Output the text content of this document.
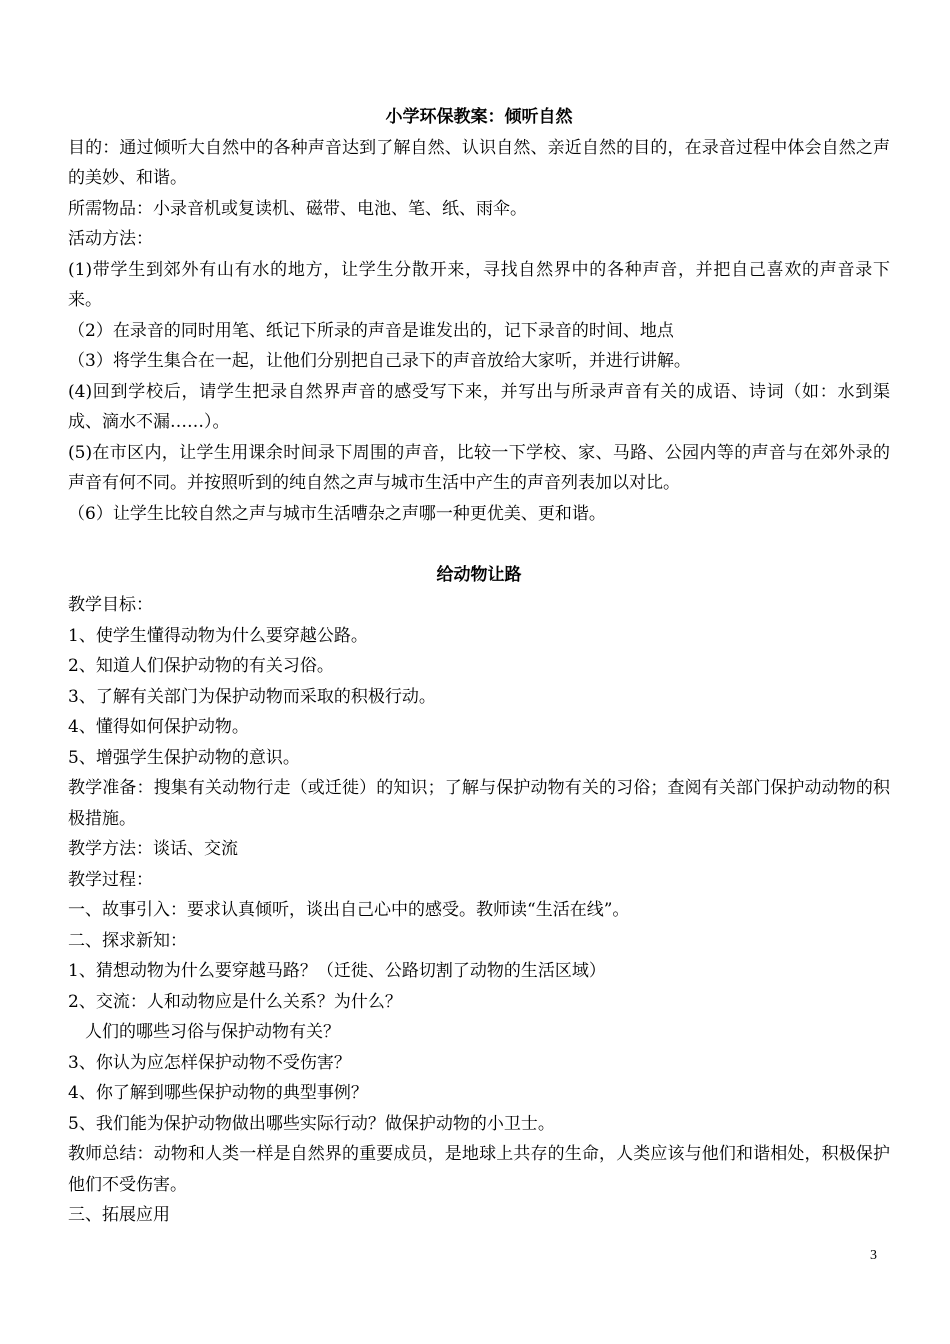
小学环保教案：倾听自然

目的：通过倾听大自然中的各种声音达到了解自然、认识自然、亲近自然的目的，在录音过程中体会自然之声的美妙、和谐。

所需物品：小录音机或复读机、磁带、电池、笔、纸、雨伞。

活动方法：

(1)带学生到郊外有山有水的地方，让学生分散开来，寻找自然界中的各种声音，并把自己喜欢的声音录下来。

（2）在录音的同时用笔、纸记下所录的声音是谁发出的，记下录音的时间、地点

（3）将学生集合在一起，让他们分别把自己录下的声音放给大家听，并进行讲解。

(4)回到学校后，请学生把录自然界声音的感受写下来，并写出与所录声音有关的成语、诗词（如：水到渠成、滴水不漏……）。

(5)在市区内，让学生用课余时间录下周围的声音，比较一下学校、家、马路、公园内等的声音与在郊外录的声音有何不同。并按照听到的纯自然之声与城市生活中产生的声音列表加以对比。

（6）让学生比较自然之声与城市生活嘈杂之声哪一种更优美、更和谐。

给动物让路

教学目标：

1、使学生懂得动物为什么要穿越公路。

2、知道人们保护动物的有关习俗。

3、了解有关部门为保护动物而采取的积极行动。

4、懂得如何保护动物。

5、增强学生保护动物的意识。

教学准备：搜集有关动物行走（或迁徙）的知识；了解与保护动物有关的习俗；查阅有关部门保护动动物的积极措施。

教学方法：谈话、交流

教学过程：

一、故事引入：要求认真倾听，谈出自己心中的感受。教师读“生活在线”。

二、探求新知：

1、猜想动物为什么要穿越马路？（迁徙、公路切割了动物的生活区域）

2、交流：人和动物应是什么关系？为什么？

人们的哪些习俗与保护动物有关？

3、你认为应怎样保护动物不受伤害？

4、你了解到哪些保护动物的典型事例？

5、我们能为保护动物做出哪些实际行动？做保护动物的小卫士。

教师总结：动物和人类一样是自然界的重要成员，是地球上共存的生命，人类应该与他们和谐相处，积极保护他们不受伤害。

三、拓展应用

3
